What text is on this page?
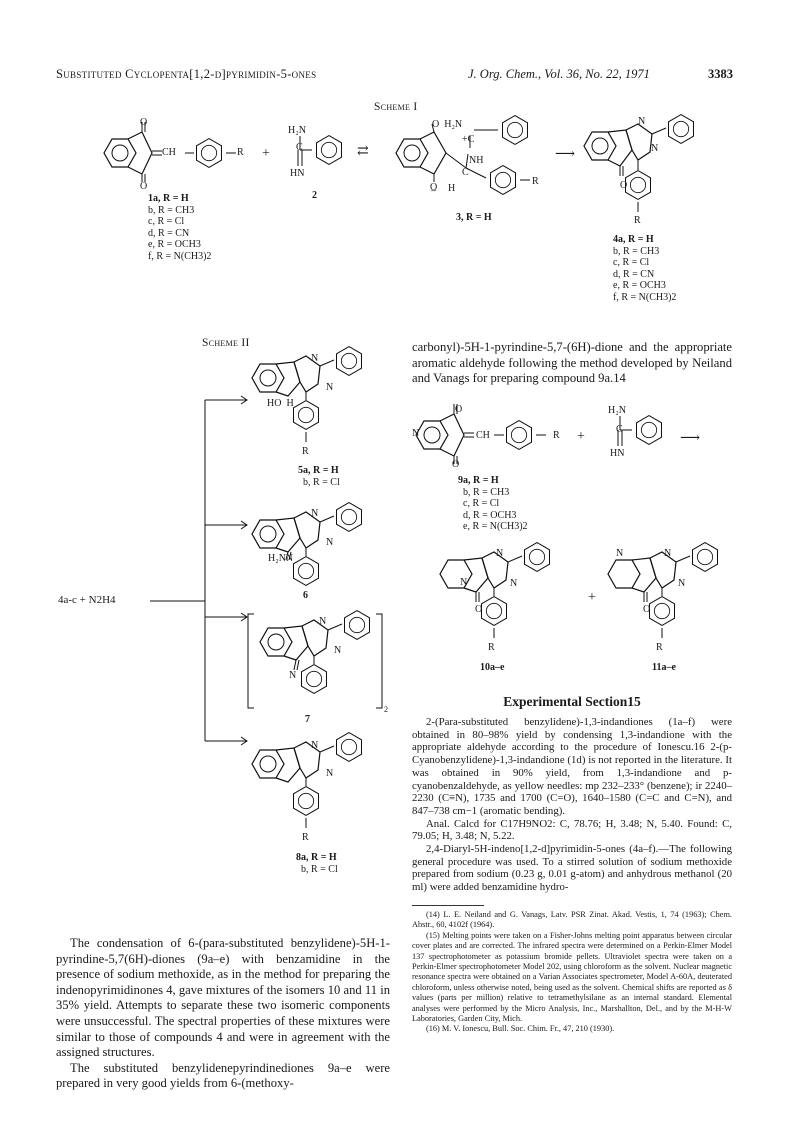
Substituted Cyclopenta[1,2-d]pyrimidin-5-ones	J. Org. Chem., Vol. 36, No. 22, 1971	3383
Scheme I
O
O
CH	R
1a, R = H
b, R = CH3
c, R = Cl
d, R = CN
e, R = OCH3
f, R = N(CH3)2
+
H₂N
C
HN
2
⇄
O  H₂N
+C
NH
C
H
O̲
R
3, R = H
⟶
N
N
O
R
4a, R = H
b, R = CH3
c, R = Cl
d, R = CN
e, R = OCH3
f, R = N(CH3)2
Scheme II
4a-c + N2H4
N
N
HO  H
R
5a, R = H
b, R = Cl
N
N
H₂NN
6
N
N
N
2
7
N
N
R
8a, R = H
b, R = Cl
carbonyl)-5H-1-pyrindine-5,7-(6H)-dione and the appropriate aromatic aldehyde following the method developed by Neiland and Vanags for preparing compound 9a.14
N
O
O
CH	R +
H₂N
C
HN
⟶
9a, R = H
b, R = CH3
c, R = Cl
d, R = OCH3
e, R = N(CH3)2
N
N
N
O
R
10a–e
+
N	N
N
O
R
11a–e
Experimental Section15

2-(Para-substituted benzylidene)-1,3-indandiones (1a–f) were obtained in 80–98% yield by condensing 1,3-indandione with the appropriate aldehyde according to the procedure of Ionescu.16 2-(p-Cyanobenzylidene)-1,3-indandione (1d) is not reported in the literature. It was obtained in 90% yield, from 1,3-indandione and p-cyanobenzaldehyde, as yellow needles: mp 232–233° (benzene); ir 2240–2230 (C≡N), 1735 and 1700 (C=O), 1640–1580 (C=C and C=N), and 847–738 cm−1 (aromatic bending).

Anal. Calcd for C17H9NO2: C, 78.76; H, 3.48; N, 5.40. Found: C, 79.05; H, 3.48; N, 5.22.

2,4-Diaryl-5H-indeno[1,2-d]pyrimidin-5-ones (4a–f).—The following general procedure was used. To a stirred solution of sodium methoxide prepared from sodium (0.23 g, 0.01 g-atom) and anhydrous methanol (20 ml) were added benzamidine hydro-

The condensation of 6-(para-substituted benzylidene)-5H-1-pyrindine-5,7(6H)-diones (9a–e) with benzamidine in the presence of sodium methoxide, as in the method for preparing the indenopyrimidinones 4, gave mixtures of the isomers 10 and 11 in 35% yield. Attempts to separate these two isomeric components were unsuccessful. The spectral properties of these mixtures were similar to those of compounds 4 and were in agreement with the assigned structures.

The substituted benzylidenepyrindinediones 9a–e were prepared in very good yields from 6-(methoxy-

(14) L. E. Neiland and G. Vanags, Latv. PSR Zinat. Akad. Vestis, 1, 74 (1963); Chem. Abstr., 60, 4102f (1964).

(15) Melting points were taken on a Fisher-Johns melting point apparatus between circular cover plates and are corrected. The infrared spectra were determined on a Perkin-Elmer Model 137 spectrophotometer as potassium bromide pellets. Ultraviolet spectra were taken on a Perkin-Elmer spectrophotometer Model 202, using chloroform as the solvent. Nuclear magnetic resonance spectra were obtained on a Varian Associates spectrometer, Model A-60A, deuterated chloroform, unless otherwise noted, being used as the solvent. Chemical shifts are reported as δ values (parts per million) relative to tetramethylsilane as an internal standard. Elemental analyses were performed by the Micro Analysis, Inc., Marshallton, Del., and by the M-H-W Laboratories, Garden City, Mich.

(16) M. V. Ionescu, Bull. Soc. Chim. Fr., 47, 210 (1930).
